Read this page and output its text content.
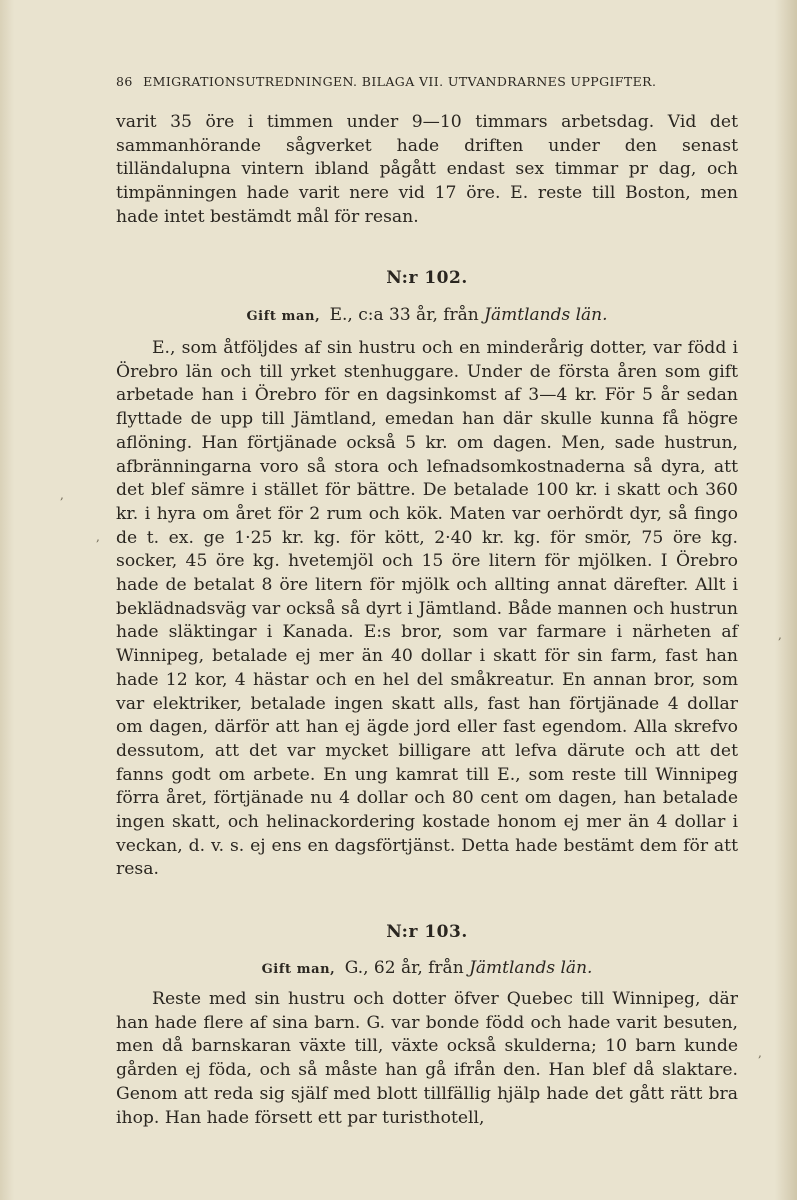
86 EMIGRATIONSUTREDNINGEN. BILAGA VII. UTVANDRARNES UPPGIFTER.

varit 35 öre i timmen under 9—10 timmars arbetsdag. Vid det sammanhörande sågverket hade driften under den senast tilländalupna vintern ibland pågått endast sex timmar pr dag, och timpänningen hade varit nere vid 17 öre. E. reste till Boston, men hade intet bestämdt mål för resan.

N:r 102.
Gift man, E., c:a 33 år, från Jämtlands län.

E., som åtföljdes af sin hustru och en minderårig dotter, var född i Örebro län och till yrket stenhuggare. Under de första åren som gift arbetade han i Örebro för en dagsinkomst af 3—4 kr. För 5 år sedan flyttade de upp till Jämtland, emedan han där skulle kunna få högre aflöning. Han förtjänade också 5 kr. om dagen. Men, sade hustrun, afbränningarna voro så stora och lefnadsomkostnaderna så dyra, att det blef sämre i stället för bättre. De betalade 100 kr. i skatt och 360 kr. i hyra om året för 2 rum och kök. Maten var oerhördt dyr, så fingo de t. ex. ge 1·25 kr. kg. för kött, 2·40 kr. kg. för smör, 75 öre kg. socker, 45 öre kg. hvetemjöl och 15 öre litern för mjölken. I Örebro hade de betalat 8 öre litern för mjölk och allting annat därefter. Allt i beklädnadsväg var också så dyrt i Jämtland. Både mannen och hustrun hade släktingar i Kanada. E:s bror, som var farmare i närheten af Winnipeg, betalade ej mer än 40 dollar i skatt för sin farm, fast han hade 12 kor, 4 hästar och en hel del småkreatur. En annan bror, som var elektriker, betalade ingen skatt alls, fast han förtjänade 4 dollar om dagen, därför att han ej ägde jord eller fast egendom. Alla skrefvo dessutom, att det var mycket billigare att lefva därute och att det fanns godt om arbete. En ung kamrat till E., som reste till Winnipeg förra året, förtjänade nu 4 dollar och 80 cent om dagen, han betalade ingen skatt, och helinackordering kostade honom ej mer än 4 dollar i veckan, d. v. s. ej ens en dagsförtjänst. Detta hade bestämt dem för att resa.

N:r 103.
Gift man, G., 62 år, från Jämtlands län.

Reste med sin hustru och dotter öfver Quebec till Winnipeg, där han hade flere af sina barn. G. var bonde född och hade varit besuten, men då barnskaran växte till, växte också skulderna; 10 barn kunde gården ej föda, och så måste han gå ifrån den. Han blef då slaktare. Genom att reda sig själf med blott tillfällig hjälp hade det gått rätt bra ihop. Han hade försett ett par turisthotell,

,
,
,
,
